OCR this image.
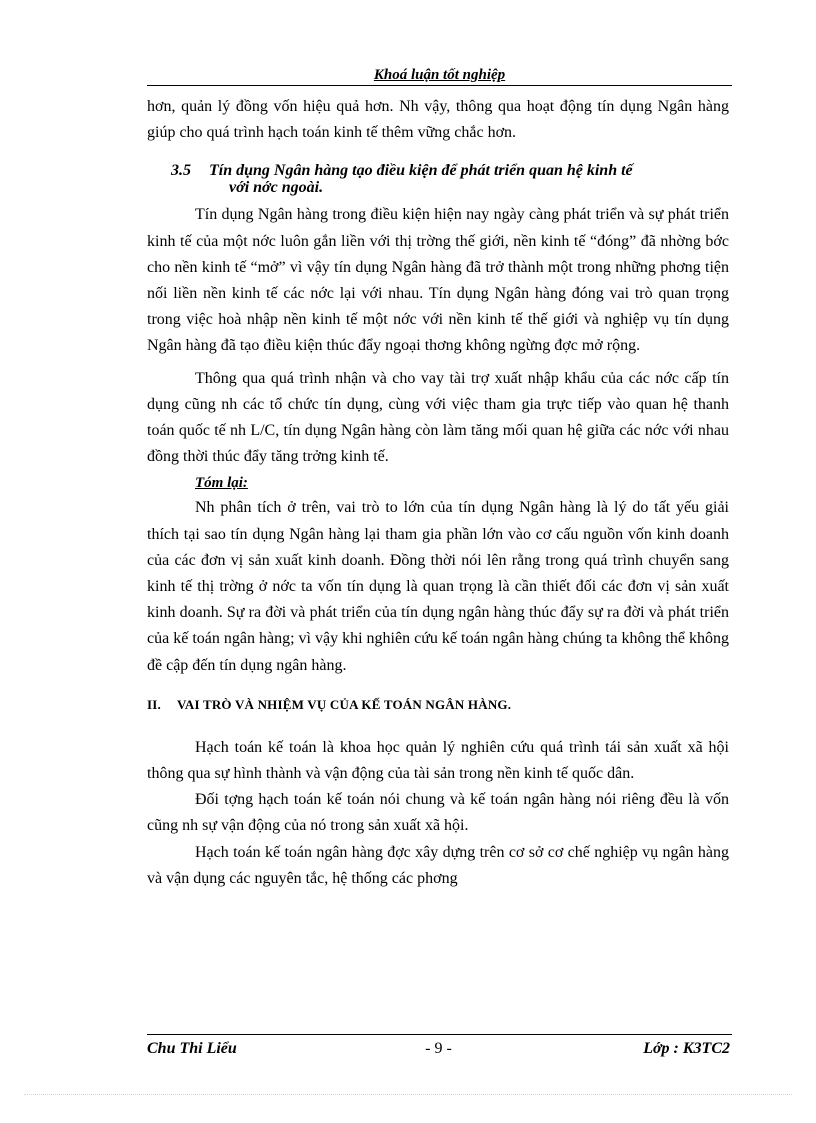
Khoá luận tốt nghiệp

hơn, quản lý đồng vốn hiệu quả hơn. Nh vậy, thông qua hoạt động tín dụng Ngân hàng giúp cho quá trình hạch toán kinh tế thêm vững chắc hơn.

3.5 Tín dụng Ngân hàng tạo điều kiện để phát triển quan hệ kinh tế
với nớc ngoài.

Tín dụng Ngân hàng trong điều kiện hiện nay ngày càng phát triển và sự phát triển kinh tế của một nớc luôn gắn liền với thị trờng thế giới, nền kinh tế “đóng” đã nhờng bớc cho nền kinh tế “mở” vì vậy tín dụng Ngân hàng đã trở thành một trong những phơng tiện nối liền nền kinh tế các nớc lại với nhau. Tín dụng Ngân hàng đóng vai trò quan trọng trong việc hoà nhập nền kinh tế một nớc với nền kinh tế thế giới và nghiệp vụ tín dụng Ngân hàng đã tạo điều kiện thúc đẩy ngoại thơng không ngừng đợc mở rộng.

Thông qua quá trình nhận và cho vay tài trợ xuất nhập khẩu của các nớc cấp tín dụng cũng nh các tổ chức tín dụng, cùng với việc tham gia trực tiếp vào quan hệ thanh toán quốc tế nh L/C, tín dụng Ngân hàng còn làm tăng mối quan hệ giữa các nớc với nhau đồng thời thúc đẩy tăng trởng kinh tế.

Tóm lại:

Nh phân tích ở trên, vai trò to lớn của tín dụng Ngân hàng là lý do tất yếu giải thích tại sao tín dụng Ngân hàng lại tham gia phần lớn vào cơ cấu nguồn vốn kinh doanh của các đơn vị sản xuất kinh doanh. Đồng thời nói lên rằng trong quá trình chuyển sang kinh tế thị trờng ở nớc ta vốn tín dụng là quan trọng là cần thiết đối các đơn vị sản xuất kinh doanh. Sự ra đời và phát triển của tín dụng ngân hàng thúc đẩy sự ra đời và phát triển của kế toán ngân hàng; vì vậy khi nghiên cứu kế toán ngân hàng chúng ta không thể không đề cập đến tín dụng ngân hàng.

II. VAI TRÒ VÀ NHIỆM VỤ CỦA KẾ TOÁN NGÂN HÀNG.

Hạch toán kế toán là khoa học quản lý nghiên cứu quá trình tái sản xuất xã hội thông qua sự hình thành và vận động của tài sản trong nền kinh tế quốc dân.

Đối tợng hạch toán kế toán nói chung và kế toán ngân hàng nói riêng đều là vốn cũng nh sự vận động của nó trong sản xuất xã hội.

Hạch toán kế toán ngân hàng đợc xây dựng trên cơ sở cơ chế nghiệp vụ ngân hàng và vận dụng các nguyên tắc, hệ thống các phơng

Chu Thi Liểu	- 9 -	Lớp : K3TC2
